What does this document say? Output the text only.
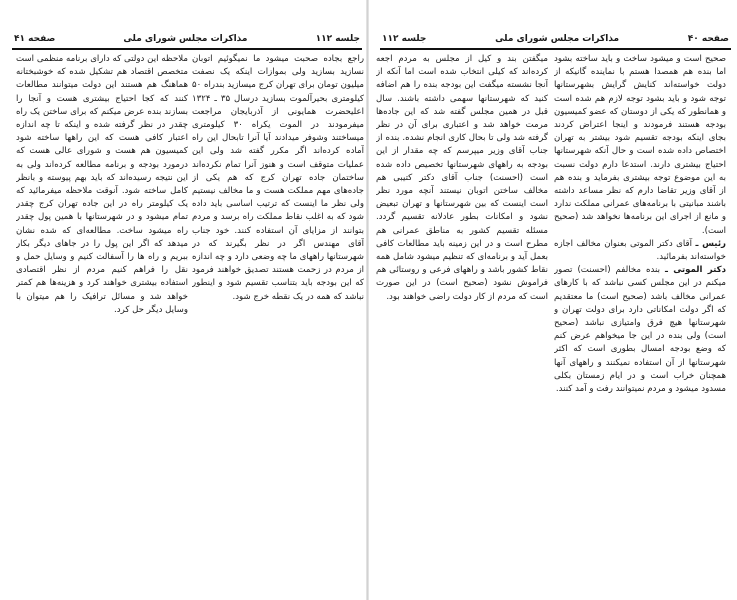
جلسه ۱۱۲
مذاکرات مجلس شورای ملی
صفحه ۴۱

راجع بجاده صحبت میشود ما نمیگوئیم اتوبان نسازید بسازید ولی بموازات اینکه یک نصفت میلیون تومان برای تهران کرج میسازید بندراه ۵۰ کیلومتری بحیرآلموت بسازید درسال ۳۵ ـ ۱۳۲۴ اعلیحضرت همایونی از آذربایجان مراجعت میفرمودند در الموت یکراه ۳۰ کیلومتری میساختند وشوفر میدادند آیا آنرا تابحال این راه آماده کرده‌اند اگر مکرر گفته شد ولی این عملیات متوقف است و هنوز آنرا تمام نکرده‌اند ساختمان جاده تهران کرج که هم یکی از جاده‌های مهم مملکت هست و ما مخالف نیستیم ولی نظر ما اینست که ترتیب اساسی باید داده شود که به اغلب نقاط مملکت راه برسد و مردم بتوانند از مزایای آن استفاده کنند. خود جناب آقای مهندس اگر در نظر بگیرند که در شهرستانها راههای ما چه وضعی دارد و چه اندازه از مردم در زحمت هستند تصدیق خواهند فرمود که این بودجه باید بتناسب تقسیم شود و اینطور نباشد که همه در یک نقطه خرج شود.

ملاحظه این دولتی که دارای برنامه منظمی است متخصص اقتصاد هم تشکیل شده که خوشبختانه هماهنگ هم هستند این دولت میتوانند مطالعات کنند که کجا احتیاج بیشتری هست و آنجا را بسازند بنده عرض میکنم که برای ساختن یک راه چقدر در نظر گرفته شده و اینکه تا چه اندازه اعتبار کافی هست که این راهها ساخته شود کمیسیون هم هست و شورای عالی هست که درمورد بودجه و برنامه مطالعه کرده‌اند ولی به این نتیجه رسیده‌اند که باید بهم پیوسته و بانظر کامل ساخته شود. آنوقت ملاحظه میفرمائید که یک کیلومتر راه در این جاده تهران کرج چقدر تمام میشود و در شهرستانها با همین پول چقدر راه میشود ساخت. مطالعه‌ای که شده نشان میدهد که اگر این پول را در جاهای دیگر بکار ببریم و راه ها را آسفالت کنیم و وسایل حمل و نقل را فراهم کنیم مردم از نظر اقتصادی استفاده بیشتری خواهند کرد و هزینه‌ها هم کمتر خواهد شد و مسائل ترافیک را هم میتوان با وسایل دیگر حل کرد.

صفحه ۴۰
مذاکرات مجلس شورای ملی
جلسه ۱۱۲

صحیح است و میشود ساخت و باید ساخته بشود اما بنده هم همصدا هستم با نماینده گانیکه از دولت خواسته‌اند کنایش گرایش بشهرستانها توجه شود و باید بشود توجه لازم هم شده است و همانطور که یکی از دوستان که عضو کمیسیون بودجه هستند فرمودند و اینجا اعتراض کردند بجای اینکه بودجه تقسیم شود بیشتر به تهران اختصاص داده شده است و حال آنکه شهرستانها احتیاج بیشتری دارند. استدعا دارم دولت نسبت به این موضوع توجه بیشتری بفرماید و بنده هم از آقای وزیر تقاضا دارم که نظر مساعد داشته باشند مبانیتی با برنامه‌های عمرانی مملکت ندارد و مانع از اجرای این برنامه‌ها نخواهد شد (صحیح است).

رئیس ـ آقای دکتر الموتی بعنوان مخالف اجازه خواسته‌اند بفرمائید.

دکتر الموتی ـ بنده مخالفم (احسنت) تصور میکنم در این مجلس کسی نباشد که با کارهای عمرانی مخالف باشد (صحیح است) ما معتقدیم که اگر دولت امکاناتی دارد برای دولت تهران و شهرستانها هیچ فرق وامتیازی نباشد (صحیح است) ولی بنده در این جا میخواهم عرض کنم که وضع بودجه امسال بطوری است که اکثر شهرستانها از آن استفاده نمیکنند و راههای آنها همچنان خراب است و در ایام زمستان بکلی مسدود میشود و مردم نمیتوانند رفت و آمد کنند.

میگفتن بند و کیل از مجلس به مردم اجعه کرده‌اند که کیلی انتخاب شده است اما آنکه از آنجا نشسته میگفت این بودجه بنده را هم اضافه کنید که شهرستانها سهمی داشته باشند. سال قبل در همین مجلس گفته شد که این جاده‌ها مرمت خواهد شد و اعتباری برای آن در نظر گرفته شد ولی تا بحال کاری انجام نشده. بنده از جناب آقای وزیر میپرسم که چه مقدار از این بودجه به راههای شهرستانها تخصیص داده شده است (احسنت) جناب آقای دکتر کتیبی هم مخالف ساختن اتوبان نیستند آنچه مورد نظر است اینست که بین شهرستانها و تهران تبعیض نشود و امکانات بطور عادلانه تقسیم گردد. مسئله تقسیم کشور به مناطق عمرانی هم مطرح است و در این زمینه باید مطالعات کافی بعمل آید و برنامه‌ای که تنظیم میشود شامل همه نقاط کشور باشد و راههای فرعی و روستائی هم فراموش نشود (صحیح است) در این صورت است که مردم از کار دولت راضی خواهند بود.
